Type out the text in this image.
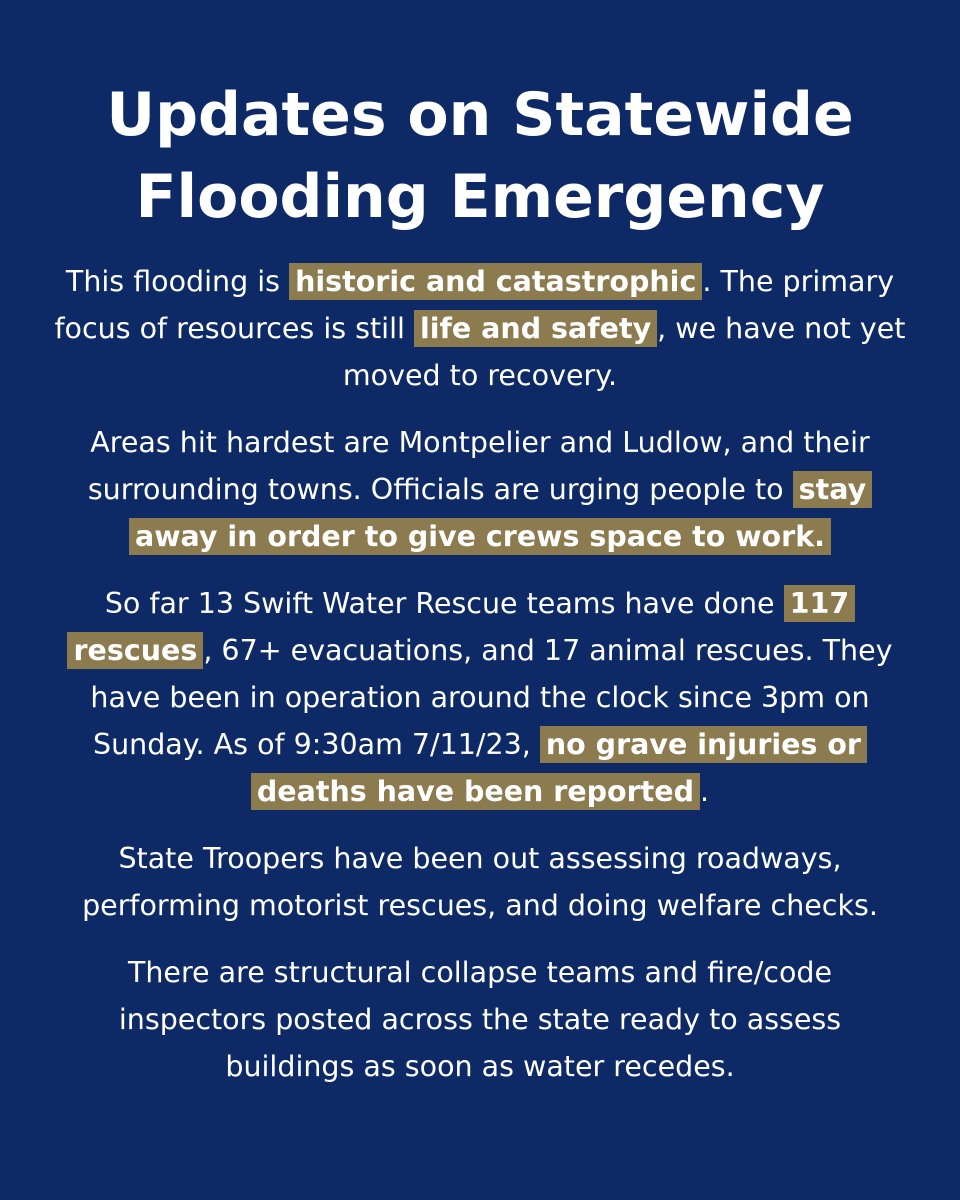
Updates on Statewide Flooding Emergency

This flooding is historic and catastrophic . The primary focus of resources is still life and safety , we have not yet moved to recovery.

Areas hit hardest are Montpelier and Ludlow, and their surrounding towns. Officials are urging people to stay away in order to give crews space to work.

So far 13 Swift Water Rescue teams have done 117 rescues , 67+ evacuations, and 17 animal rescues. They have been in operation around the clock since 3pm on Sunday. As of 9:30am 7/11/23, no grave injuries or deaths have been reported .

State Troopers have been out assessing roadways, performing motorist rescues, and doing welfare checks.

There are structural collapse teams and fire/code inspectors posted across the state ready to assess buildings as soon as water recedes.
